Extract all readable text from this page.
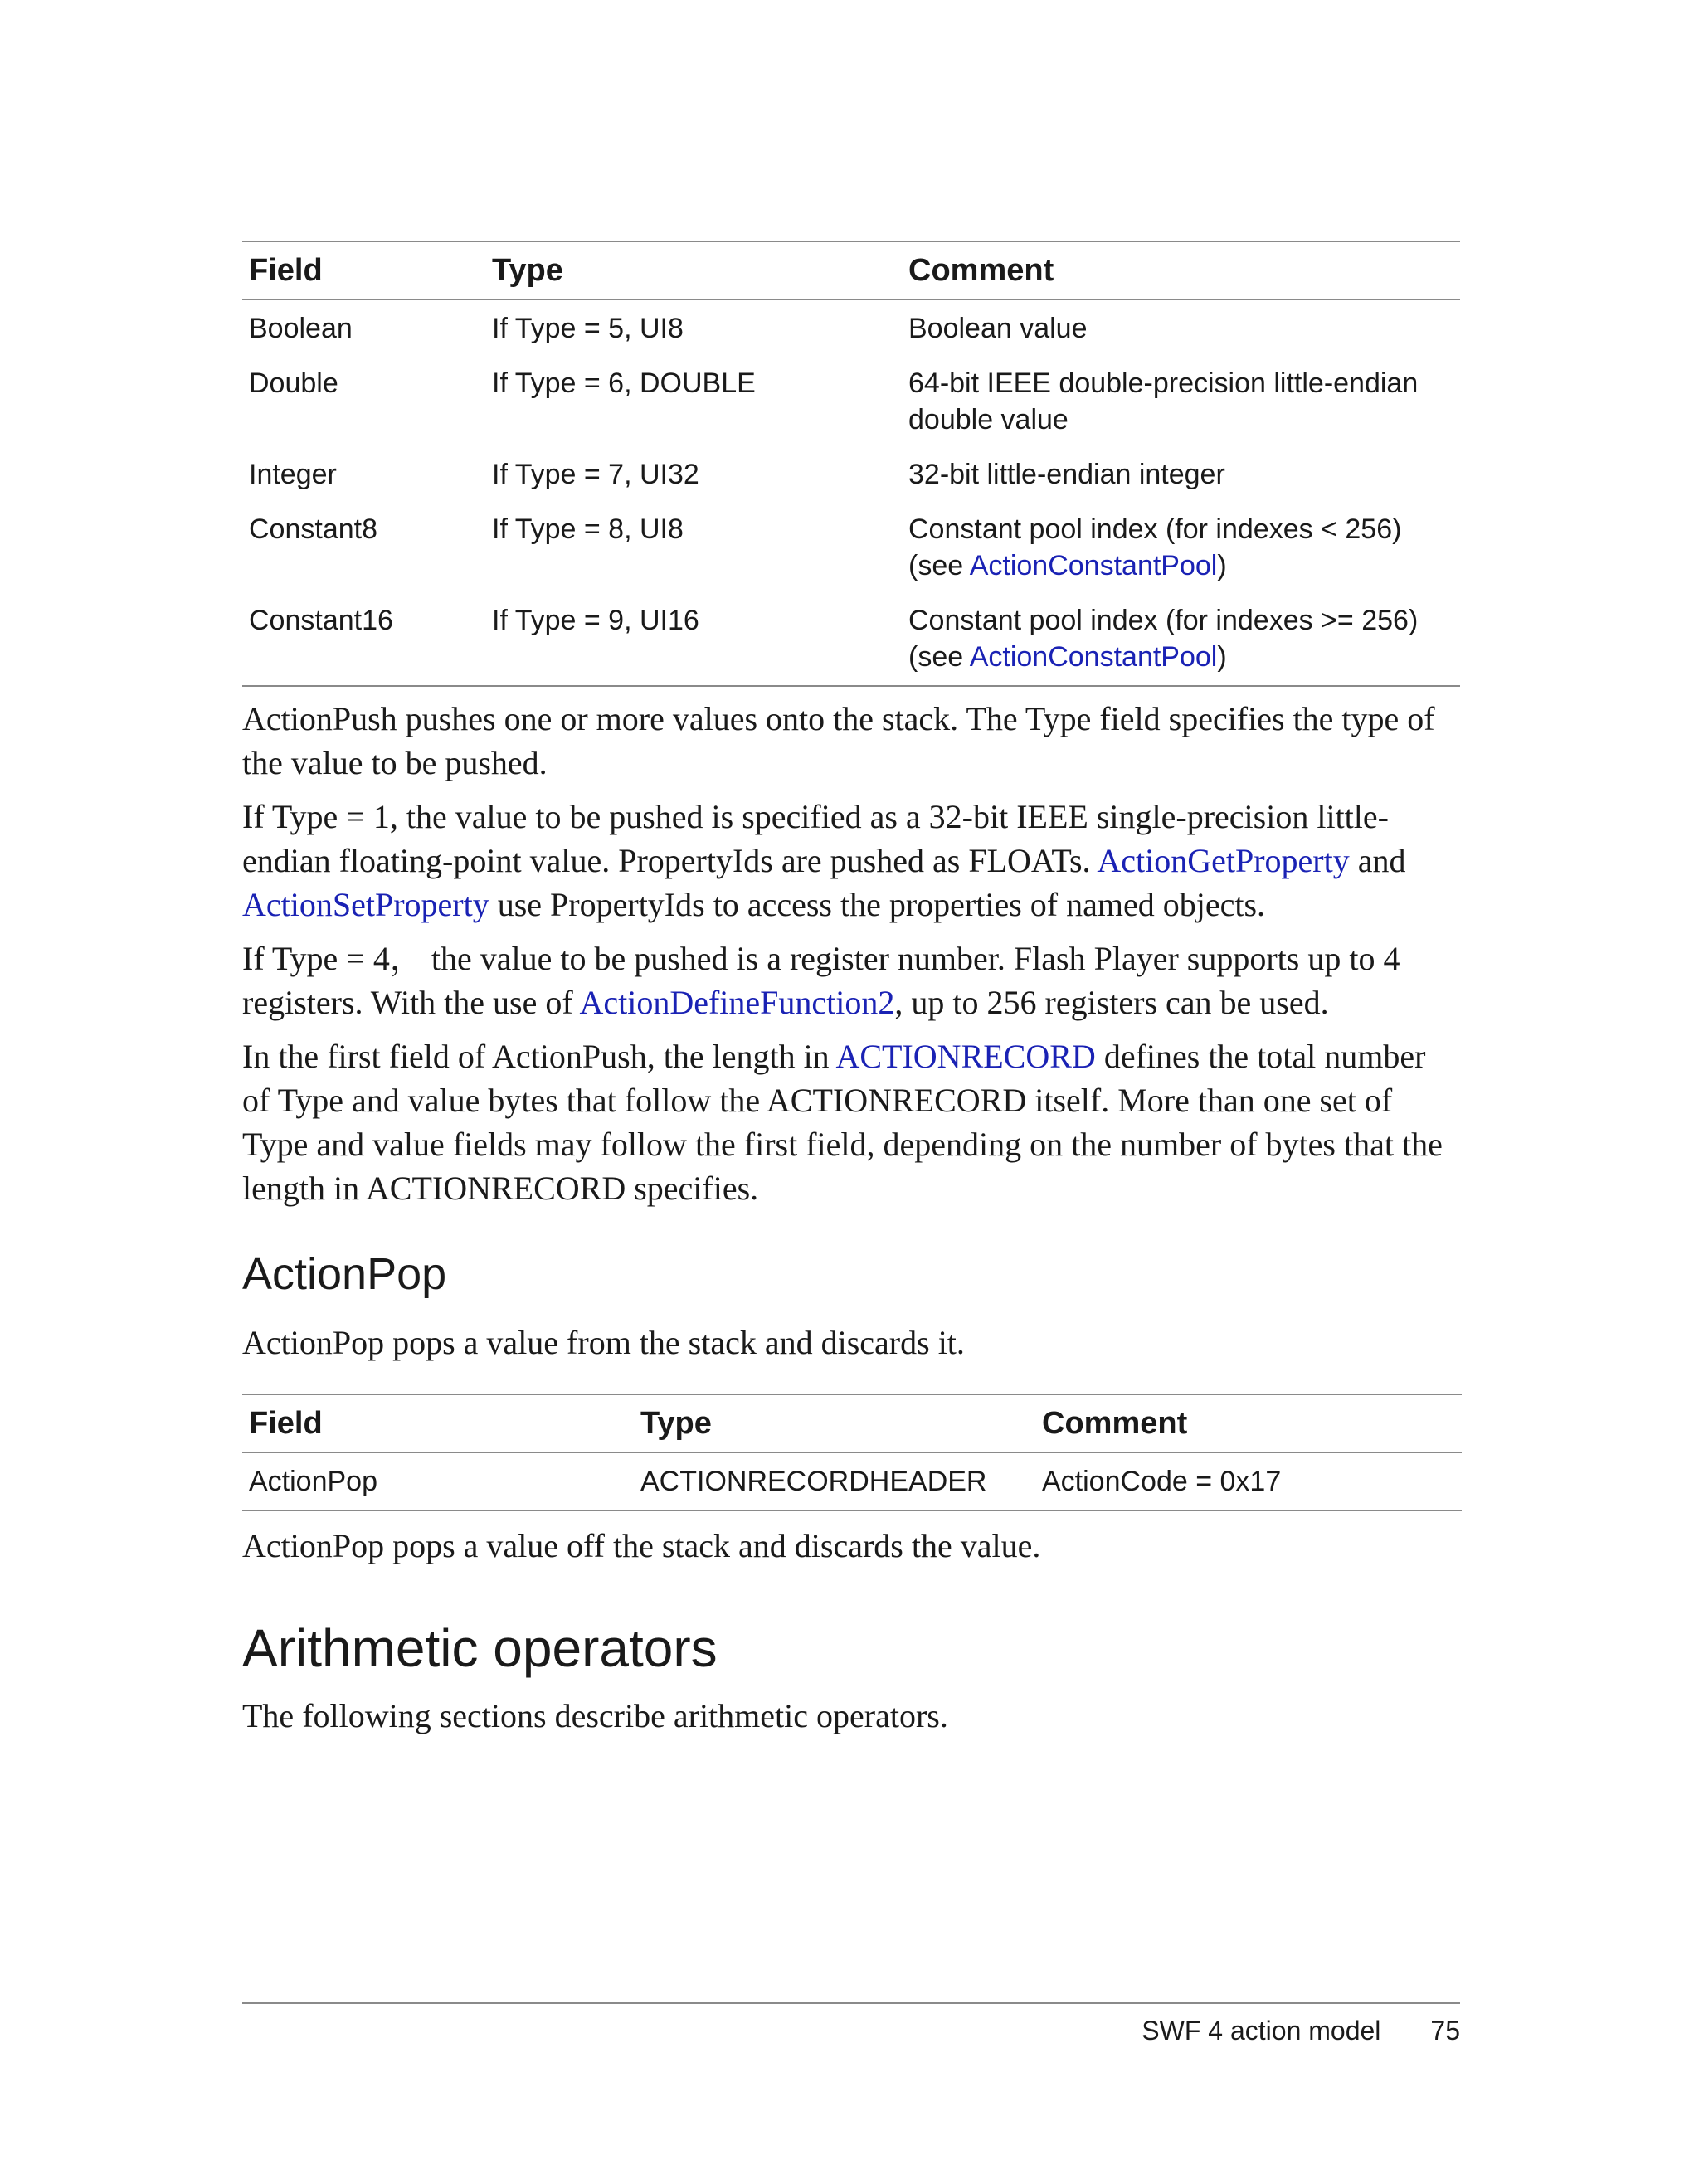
Field	Type	Comment
Boolean	If Type = 5, UI8	Boolean value
Double	If Type = 6, DOUBLE	64-bit IEEE double-precision little-endian double value
Integer	If Type = 7, UI32	32-bit little-endian integer
Constant8	If Type = 8, UI8	Constant pool index (for indexes < 256)
(see ActionConstantPool)
Constant16	If Type = 9, UI16	Constant pool index (for indexes >= 256)
(see ActionConstantPool)

ActionPush pushes one or more values onto the stack. The Type field specifies the type of the value to be pushed.

If Type = 1, the value to be pushed is specified as a 32-bit IEEE single-precision little-endian floating-point value. PropertyIds are pushed as FLOATs. ActionGetProperty and ActionSetProperty use PropertyIds to access the properties of named objects.

If Type = 4， the value to be pushed is a register number. Flash Player supports up to 4 registers. With the use of ActionDefineFunction2, up to 256 registers can be used.

In the first field of ActionPush, the length in ACTIONRECORD defines the total number of Type and value bytes that follow the ACTIONRECORD itself. More than one set of Type and value fields may follow the first field, depending on the number of bytes that the length in ACTIONRECORD specifies.

ActionPop

ActionPop pops a value from the stack and discards it.

Field	Type	Comment
ActionPop	ACTIONRECORDHEADER	ActionCode = 0x17

ActionPop pops a value off the stack and discards the value.

Arithmetic operators

The following sections describe arithmetic operators.

SWF 4 action model 75
